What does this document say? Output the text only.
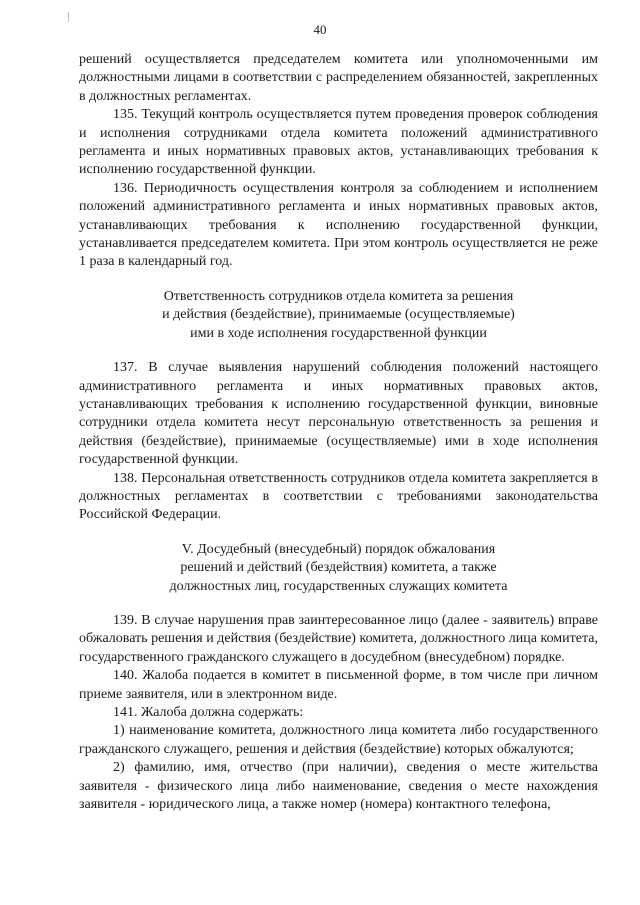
40

решений осуществляется председателем комитета или уполномоченными им должностными лицами в соответствии с распределением обязанностей, закрепленных в должностных регламентах.

135. Текущий контроль осуществляется путем проведения проверок соблюдения и исполнения сотрудниками отдела комитета положений административного регламента и иных нормативных правовых актов, устанавливающих требования к исполнению государственной функции.

136. Периодичность осуществления контроля за соблюдением и исполнением положений административного регламента и иных нормативных правовых актов, устанавливающих требования к исполнению государственной функции, устанавливается председателем комитета. При этом контроль осуществляется не реже 1 раза в календарный год.

Ответственность сотрудников отдела комитета за решения
и действия (бездействие), принимаемые (осуществляемые)
ими в ходе исполнения государственной функции

137. В случае выявления нарушений соблюдения положений настоящего административного регламента и иных нормативных правовых актов, устанавливающих требования к исполнению государственной функции, виновные сотрудники отдела комитета несут персональную ответственность за решения и действия (бездействие), принимаемые (осуществляемые) ими в ходе исполнения государственной функции.

138. Персональная ответственность сотрудников отдела комитета закрепляется в должностных регламентах в соответствии с требованиями законодательства Российской Федерации.

V. Досудебный (внесудебный) порядок обжалования
решений и действий (бездействия) комитета, а также
должностных лиц, государственных служащих комитета

139. В случае нарушения прав заинтересованное лицо (далее - заявитель) вправе обжаловать решения и действия (бездействие) комитета, должностного лица комитета, государственного гражданского служащего в досудебном (внесудебном) порядке.

140. Жалоба подается в комитет в письменной форме, в том числе при личном приеме заявителя, или в электронном виде.

141. Жалоба должна содержать:

1) наименование комитета, должностного лица комитета либо государственного гражданского служащего, решения и действия (бездействие) которых обжалуются;

2) фамилию, имя, отчество (при наличии), сведения о месте жительства заявителя - физического лица либо наименование, сведения о месте нахождения заявителя - юридического лица, а также номер (номера) контактного телефона,
